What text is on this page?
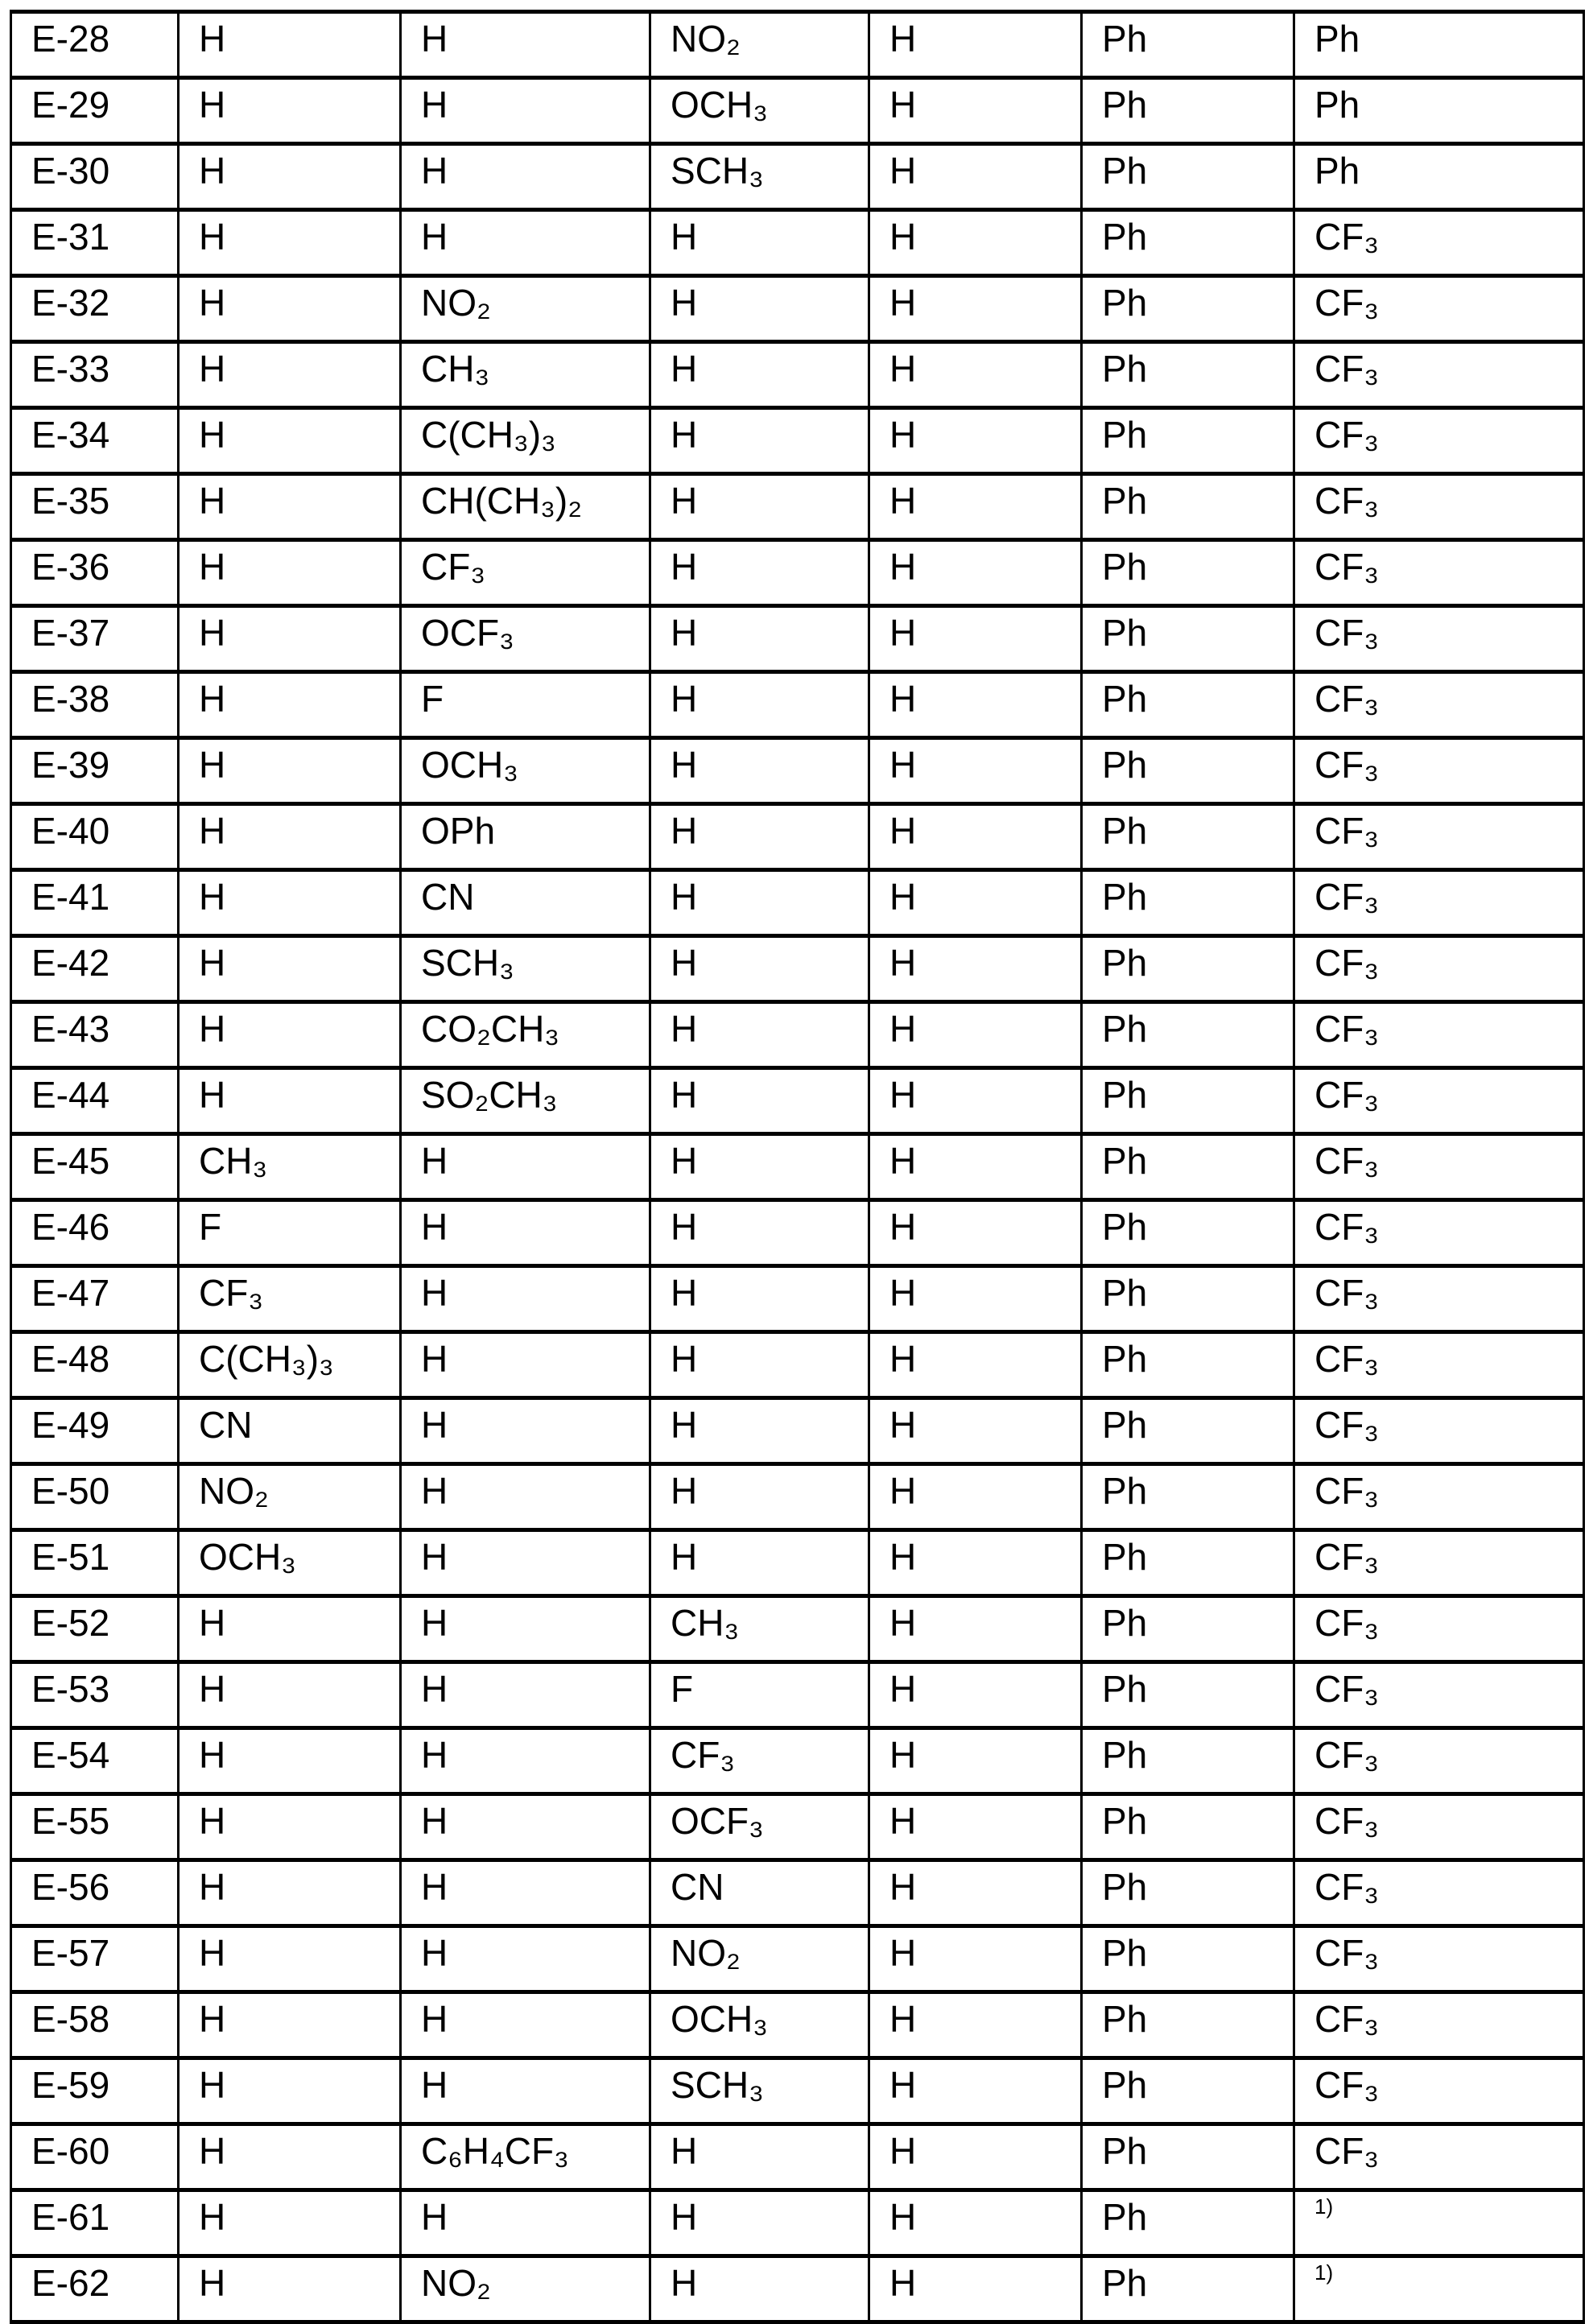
E-28	H	H	NO₂	H	Ph	Ph
E-29	H	H	OCH₃	H	Ph	Ph
E-30	H	H	SCH₃	H	Ph	Ph
E-31	H	H	H	H	Ph	CF₃
E-32	H	NO₂	H	H	Ph	CF₃
E-33	H	CH₃	H	H	Ph	CF₃
E-34	H	C(CH₃)₃	H	H	Ph	CF₃
E-35	H	CH(CH₃)₂	H	H	Ph	CF₃
E-36	H	CF₃	H	H	Ph	CF₃
E-37	H	OCF₃	H	H	Ph	CF₃
E-38	H	F	H	H	Ph	CF₃
E-39	H	OCH₃	H	H	Ph	CF₃
E-40	H	OPh	H	H	Ph	CF₃
E-41	H	CN	H	H	Ph	CF₃
E-42	H	SCH₃	H	H	Ph	CF₃
E-43	H	CO₂CH₃	H	H	Ph	CF₃
E-44	H	SO₂CH₃	H	H	Ph	CF₃
E-45	CH₃	H	H	H	Ph	CF₃
E-46	F	H	H	H	Ph	CF₃
E-47	CF₃	H	H	H	Ph	CF₃
E-48	C(CH₃)₃	H	H	H	Ph	CF₃
E-49	CN	H	H	H	Ph	CF₃
E-50	NO₂	H	H	H	Ph	CF₃
E-51	OCH₃	H	H	H	Ph	CF₃
E-52	H	H	CH₃	H	Ph	CF₃
E-53	H	H	F	H	Ph	CF₃
E-54	H	H	CF₃	H	Ph	CF₃
E-55	H	H	OCF₃	H	Ph	CF₃
E-56	H	H	CN	H	Ph	CF₃
E-57	H	H	NO₂	H	Ph	CF₃
E-58	H	H	OCH₃	H	Ph	CF₃
E-59	H	H	SCH₃	H	Ph	CF₃
E-60	H	C₆H₄CF₃	H	H	Ph	CF₃
E-61	H	H	H	H	Ph	1)
E-62	H	NO₂	H	H	Ph	1)
